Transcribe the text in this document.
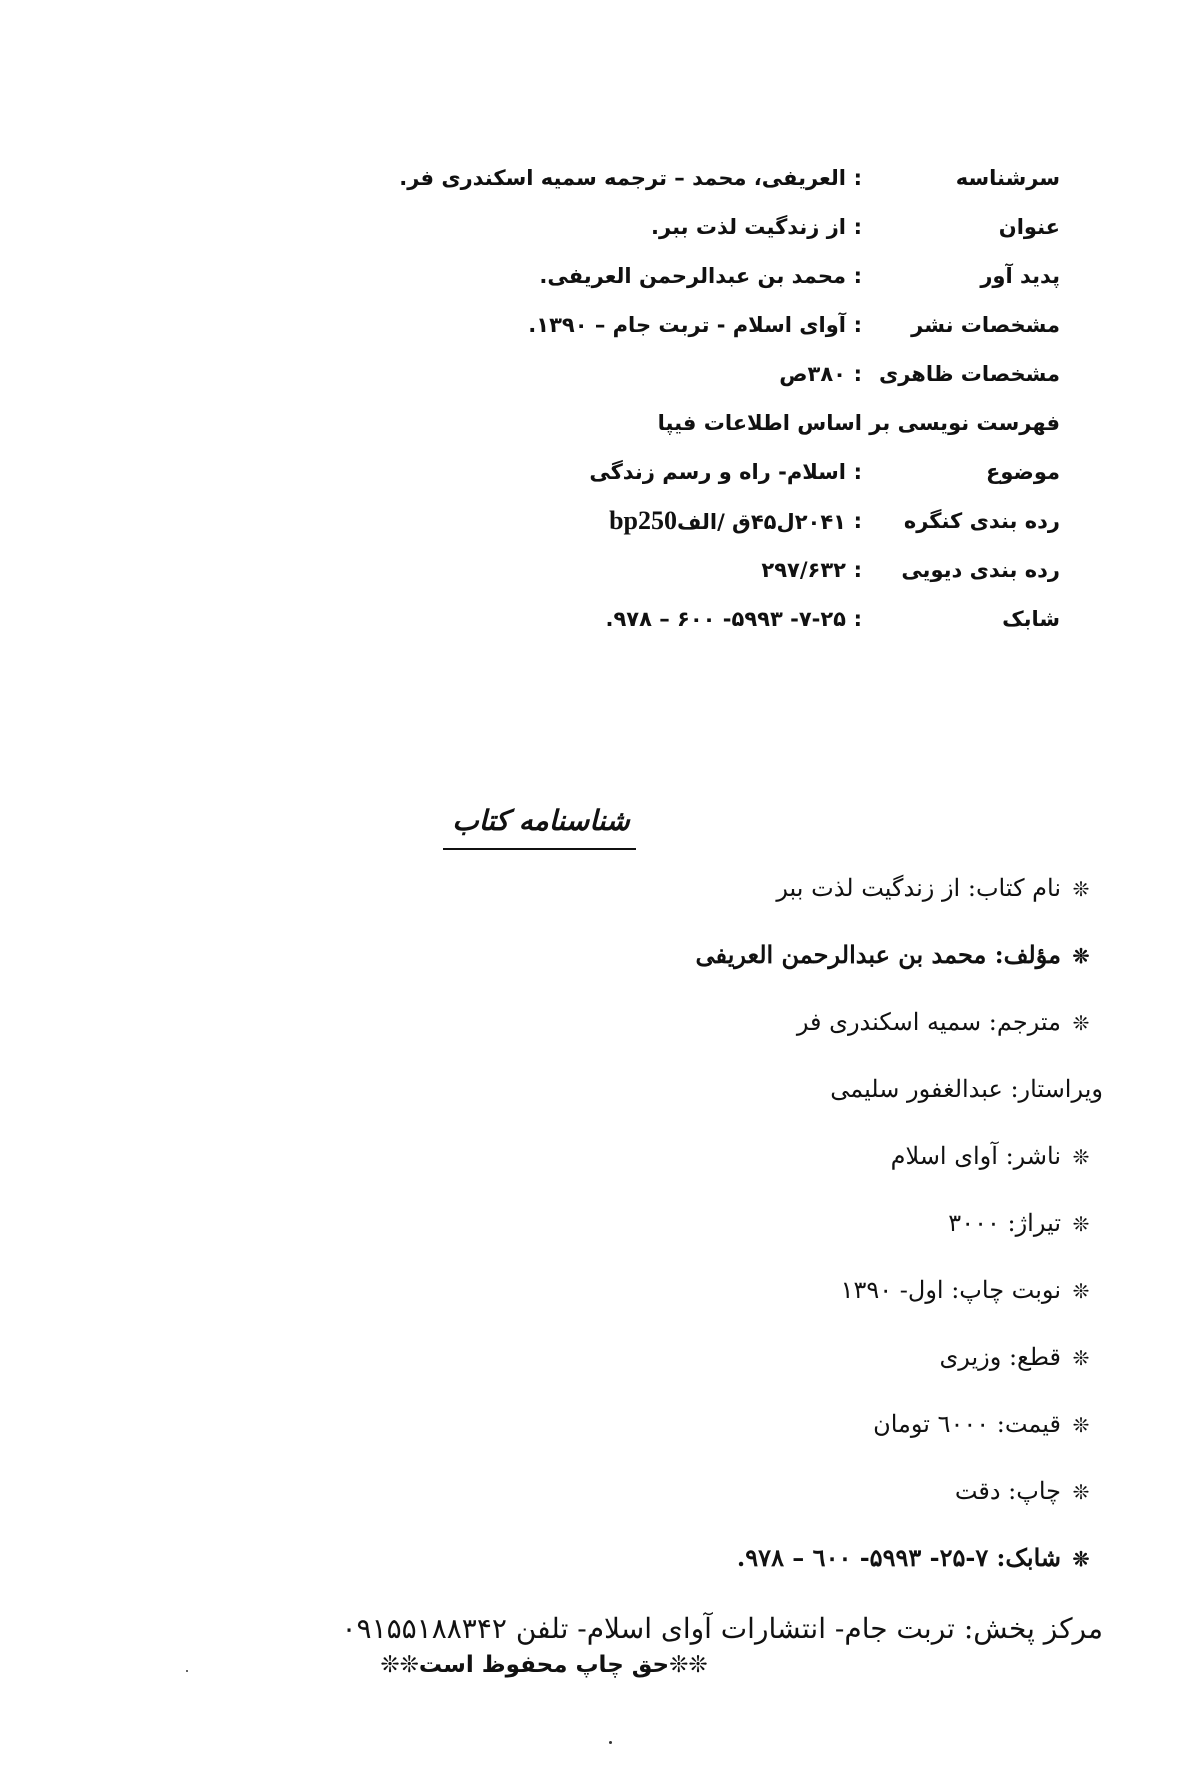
سرشناسه
:
العریفی، محمد – ترجمه سمیه اسکندری فر.
عنوان
:
از زندگیت لذت ببر.
پدید آور
:
محمد بن عبدالرحمن العریفی.
مشخصات نشر
:
آوای اسلام - تربت جام – ۱۳۹۰.
مشخصات ظاهری
:
۳۸۰ص
فهرست نویسی بر اساس اطلاعات فیپا
موضوع
:
اسلام- راه و رسم زندگی
رده بندی کنگره
:
۲۰۴۱ل۴۵ق /الفbp250
رده بندی دیویی
:
۲۹۷/۶۳۲
شابک
:
۷-۲۵- ۵۹۹۳- ۶۰۰ – ۹۷۸.
شناسنامه کتاب
❊نام کتاب: از زندگیت لذت ببر
❊مؤلف: محمد بن عبدالرحمن العریفی
❊مترجم: سمیه اسکندری فر
ویراستار: عبدالغفور سلیمی
❊ناشر: آوای اسلام
❊تیراژ: ۳۰۰۰
❊نوبت چاپ: اول- ۱۳۹۰
❊قطع: وزیری
❊قیمت: ٦٠٠٠ تومان
❊چاپ: دقت
❊شابک: ۷-۲۵- ۵۹۹۳- ٦٠٠ – ۹۷۸.
مرکز پخش: تربت جام- انتشارات آوای اسلام- تلفن ۰۹۱۵۵۱۸۸۳۴۲
❊❊حق چاپ محفوظ است❊❊
